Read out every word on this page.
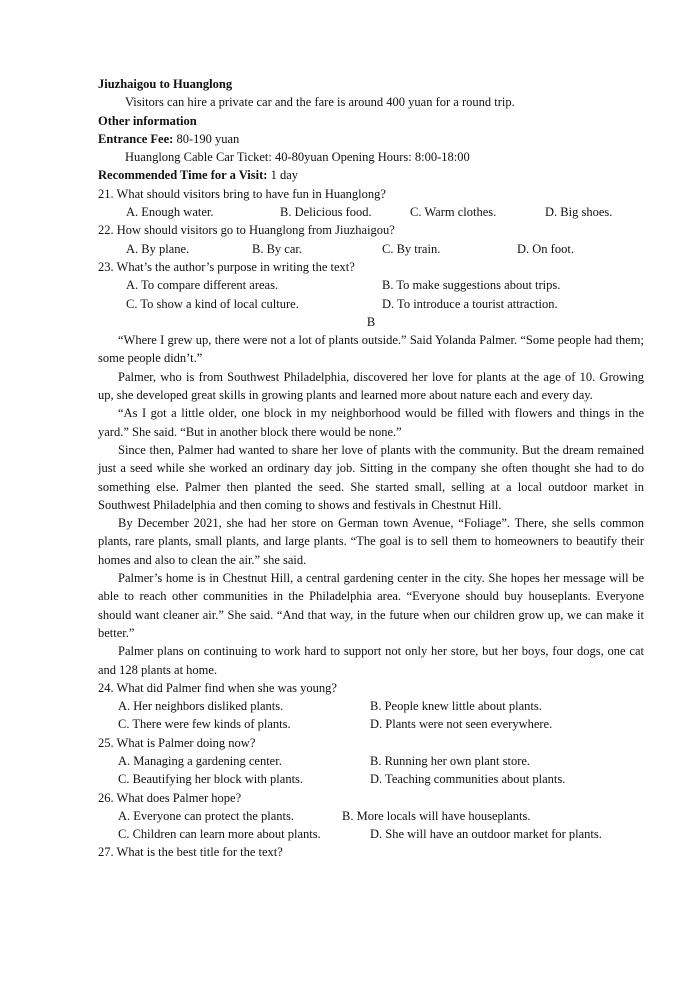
Jiuzhaigou to Huanglong
Visitors can hire a private car and the fare is around 400 yuan for a round trip.
Other information
Entrance Fee: 80-190 yuan
Huanglong Cable Car Ticket: 40-80yuan Opening Hours: 8:00-18:00
Recommended Time for a Visit: 1 day
21. What should visitors bring to have fun in Huanglong?
A. Enough water.	B. Delicious food.	C. Warm clothes.	D. Big shoes.
22. How should visitors go to Huanglong from Jiuzhaigou?
A. By plane.	B. By car.	C. By train.	D. On foot.
23. What’s the author’s purpose in writing the text?
A. To compare different areas.	B. To make suggestions about trips.
C. To show a kind of local culture.	D. To introduce a tourist attraction.
B
“Where I grew up, there were not a lot of plants outside.” Said Yolanda Palmer. “Some people had them; some people didn’t.”
Palmer, who is from Southwest Philadelphia, discovered her love for plants at the age of 10. Growing up, she developed great skills in growing plants and learned more about nature each and every day.
“As I got a little older, one block in my neighborhood would be filled with flowers and things in the yard.” She said. “But in another block there would be none.”
Since then, Palmer had wanted to share her love of plants with the community. But the dream remained just a seed while she worked an ordinary day job. Sitting in the company she often thought she had to do something else. Palmer then planted the seed. She started small, selling at a local outdoor market in Southwest Philadelphia and then coming to shows and festivals in Chestnut Hill.
By December 2021, she had her store on German town Avenue, “Foliage”. There, she sells common plants, rare plants, small plants, and large plants. “The goal is to sell them to homeowners to beautify their homes and also to clean the air.” she said.
Palmer’s home is in Chestnut Hill, a central gardening center in the city. She hopes her message will be able to reach other communities in the Philadelphia area. “Everyone should buy houseplants. Everyone should want cleaner air.” She said. “And that way, in the future when our children grow up, we can make it better.”
Palmer plans on continuing to work hard to support not only her store, but her boys, four dogs, one cat and 128 plants at home.
24. What did Palmer find when she was young?
A. Her neighbors disliked plants.	B. People knew little about plants.
C. There were few kinds of plants.	D. Plants were not seen everywhere.
25. What is Palmer doing now?
A. Managing a gardening center.	B. Running her own plant store.
C. Beautifying her block with plants.	D. Teaching communities about plants.
26. What does Palmer hope?
A. Everyone can protect the plants.	B. More locals will have houseplants.
C. Children can learn more about plants.	D. She will have an outdoor market for plants.
27. What is the best title for the text?
